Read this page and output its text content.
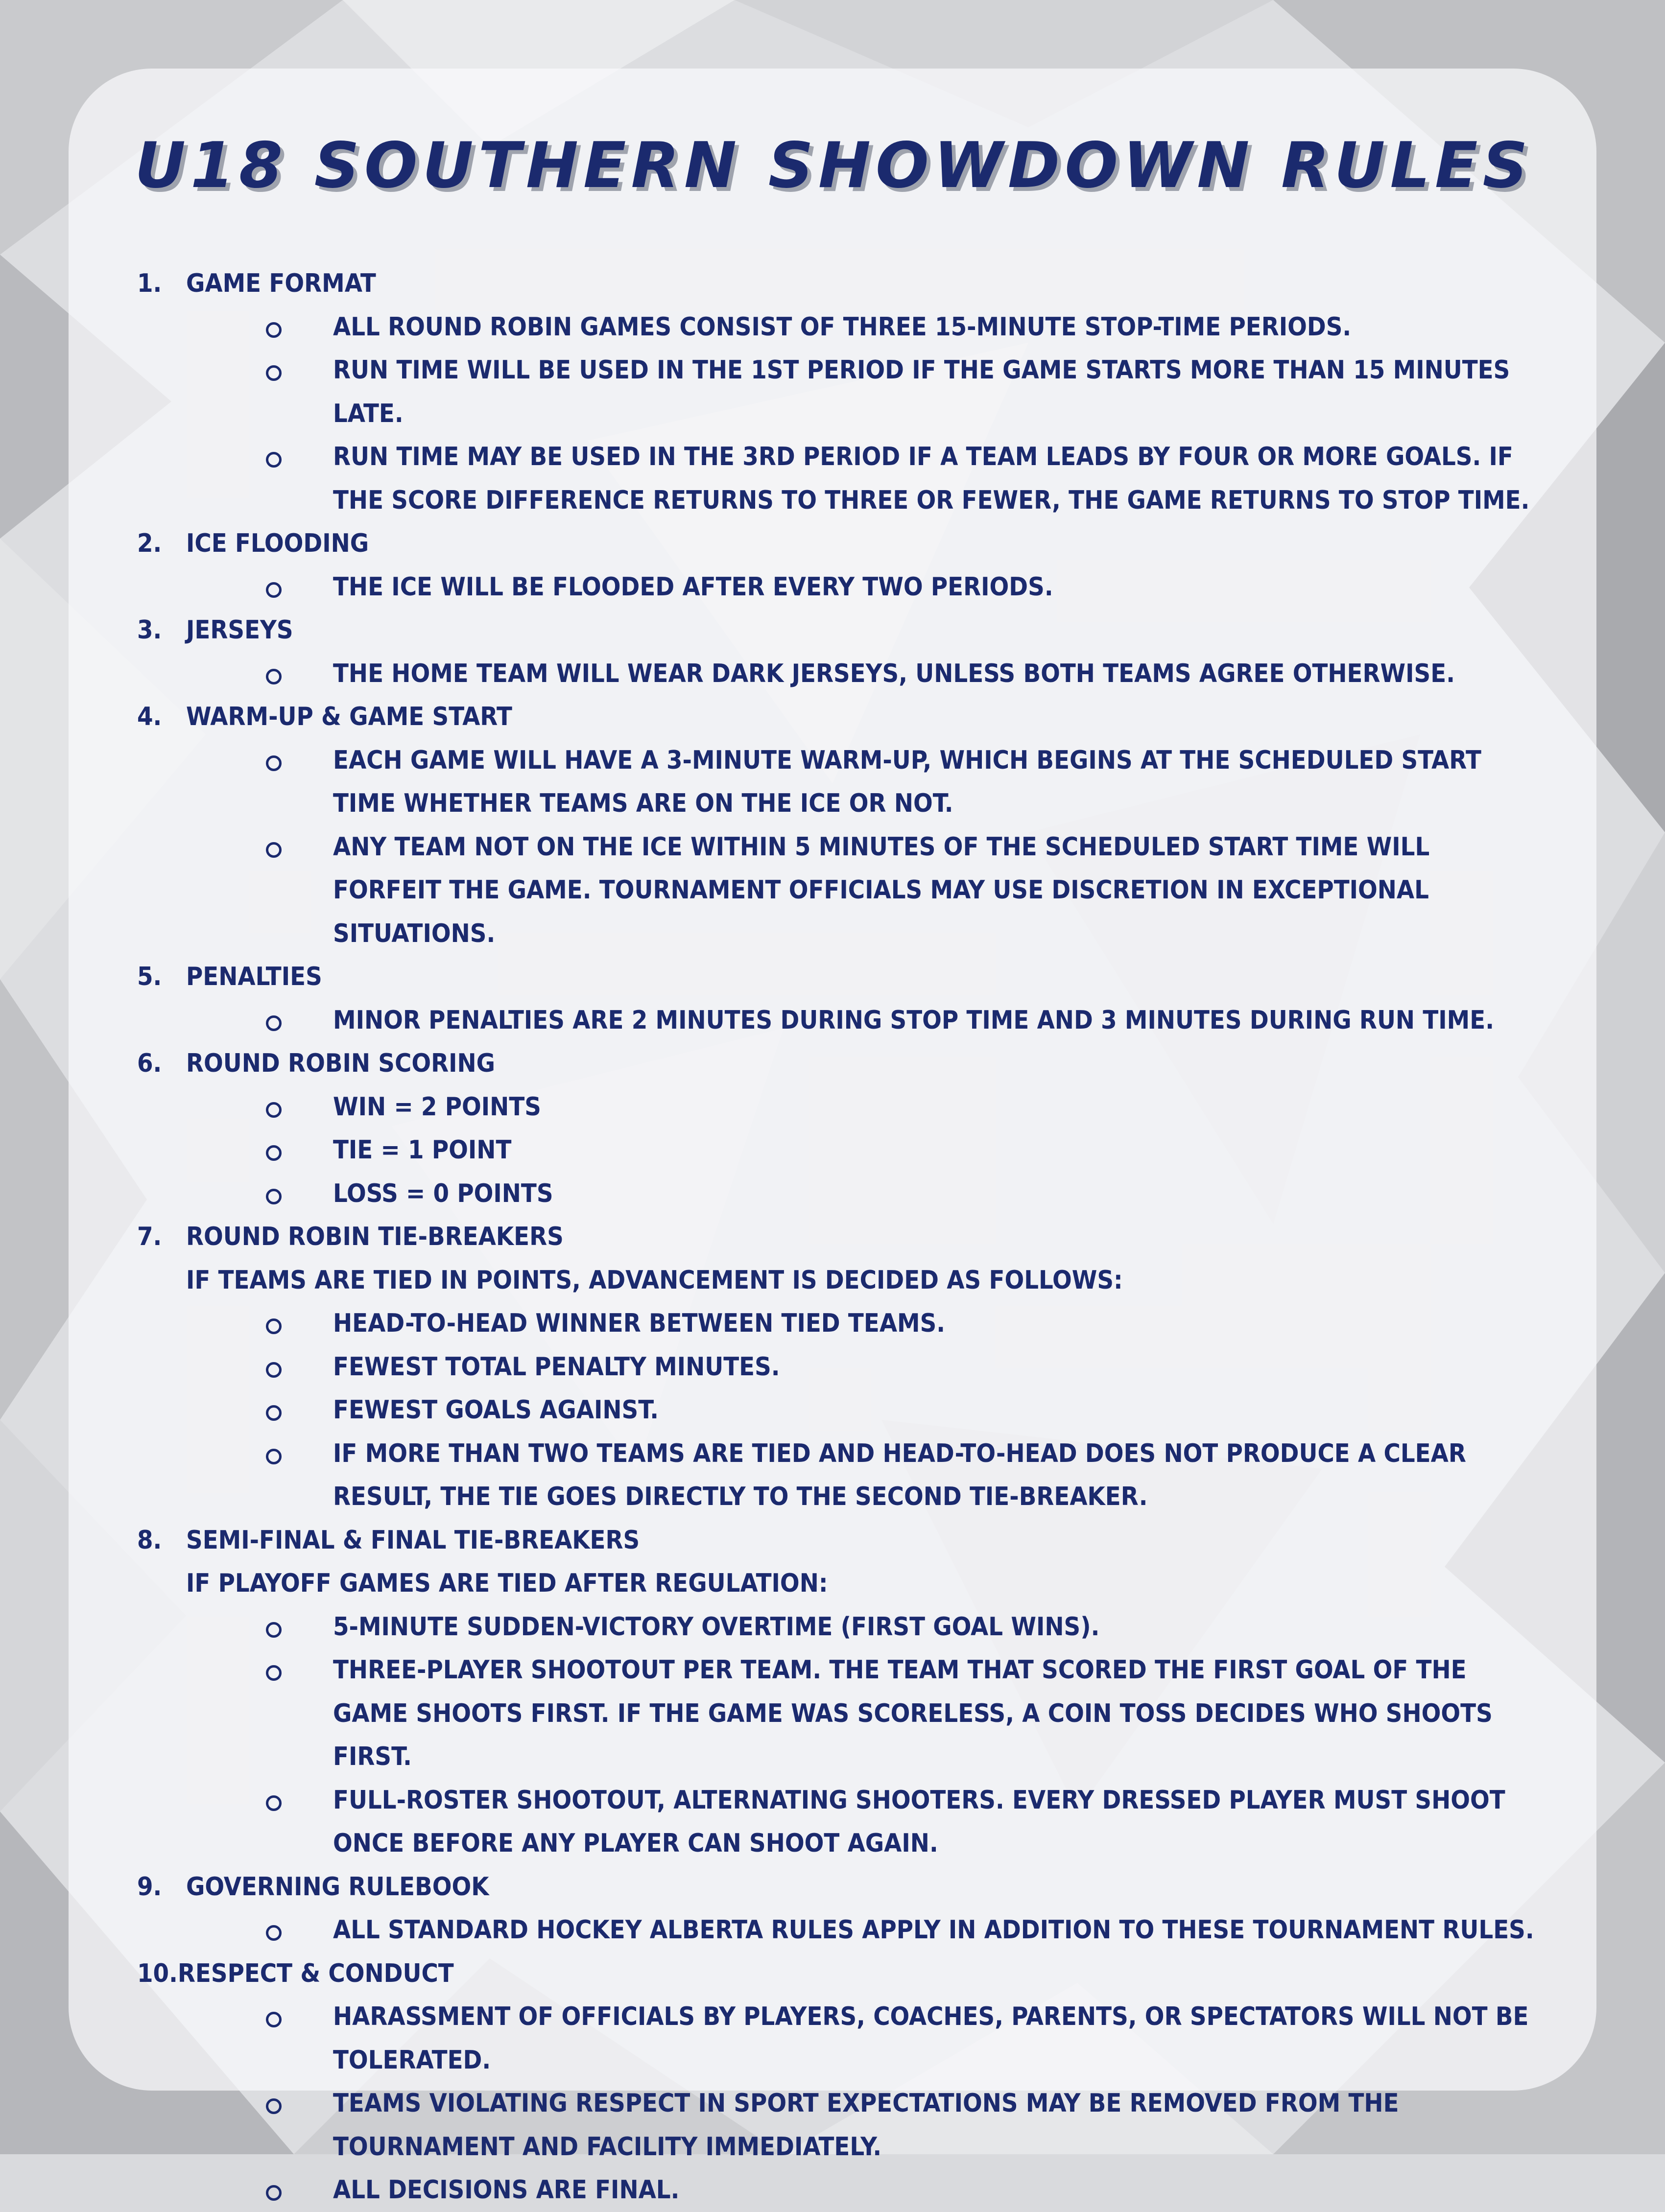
U18 SOUTHERN SHOWDOWN RULES
1. GAME FORMAT
ALL ROUND ROBIN GAMES CONSIST OF THREE 15-MINUTE STOP-TIME PERIODS.
RUN TIME WILL BE USED IN THE 1ST PERIOD IF THE GAME STARTS MORE THAN 15 MINUTES LATE.
RUN TIME MAY BE USED IN THE 3RD PERIOD IF A TEAM LEADS BY FOUR OR MORE GOALS. IF THE SCORE DIFFERENCE RETURNS TO THREE OR FEWER, THE GAME RETURNS TO STOP TIME.
2. ICE FLOODING
THE ICE WILL BE FLOODED AFTER EVERY TWO PERIODS.
3. JERSEYS
THE HOME TEAM WILL WEAR DARK JERSEYS, UNLESS BOTH TEAMS AGREE OTHERWISE.
4. WARM-UP & GAME START
EACH GAME WILL HAVE A 3-MINUTE WARM-UP, WHICH BEGINS AT THE SCHEDULED START TIME WHETHER TEAMS ARE ON THE ICE OR NOT.
ANY TEAM NOT ON THE ICE WITHIN 5 MINUTES OF THE SCHEDULED START TIME WILL FORFEIT THE GAME. TOURNAMENT OFFICIALS MAY USE DISCRETION IN EXCEPTIONAL SITUATIONS.
5. PENALTIES
MINOR PENALTIES ARE 2 MINUTES DURING STOP TIME AND 3 MINUTES DURING RUN TIME.
6. ROUND ROBIN SCORING
WIN = 2 POINTS
TIE = 1 POINT
LOSS = 0 POINTS
7. ROUND ROBIN TIE-BREAKERS
IF TEAMS ARE TIED IN POINTS, ADVANCEMENT IS DECIDED AS FOLLOWS:
HEAD-TO-HEAD WINNER BETWEEN TIED TEAMS.
FEWEST TOTAL PENALTY MINUTES.
FEWEST GOALS AGAINST.
IF MORE THAN TWO TEAMS ARE TIED AND HEAD-TO-HEAD DOES NOT PRODUCE A CLEAR RESULT, THE TIE GOES DIRECTLY TO THE SECOND TIE-BREAKER.
8. SEMI-FINAL & FINAL TIE-BREAKERS
IF PLAYOFF GAMES ARE TIED AFTER REGULATION:
5-MINUTE SUDDEN-VICTORY OVERTIME (FIRST GOAL WINS).
THREE-PLAYER SHOOTOUT PER TEAM. THE TEAM THAT SCORED THE FIRST GOAL OF THE GAME SHOOTS FIRST. IF THE GAME WAS SCORELESS, A COIN TOSS DECIDES WHO SHOOTS FIRST.
FULL-ROSTER SHOOTOUT, ALTERNATING SHOOTERS. EVERY DRESSED PLAYER MUST SHOOT ONCE BEFORE ANY PLAYER CAN SHOOT AGAIN.
9. GOVERNING RULEBOOK
ALL STANDARD HOCKEY ALBERTA RULES APPLY IN ADDITION TO THESE TOURNAMENT RULES.
10. RESPECT & CONDUCT
HARASSMENT OF OFFICIALS BY PLAYERS, COACHES, PARENTS, OR SPECTATORS WILL NOT BE TOLERATED.
TEAMS VIOLATING RESPECT IN SPORT EXPECTATIONS MAY BE REMOVED FROM THE TOURNAMENT AND FACILITY IMMEDIATELY.
ALL DECISIONS ARE FINAL.
